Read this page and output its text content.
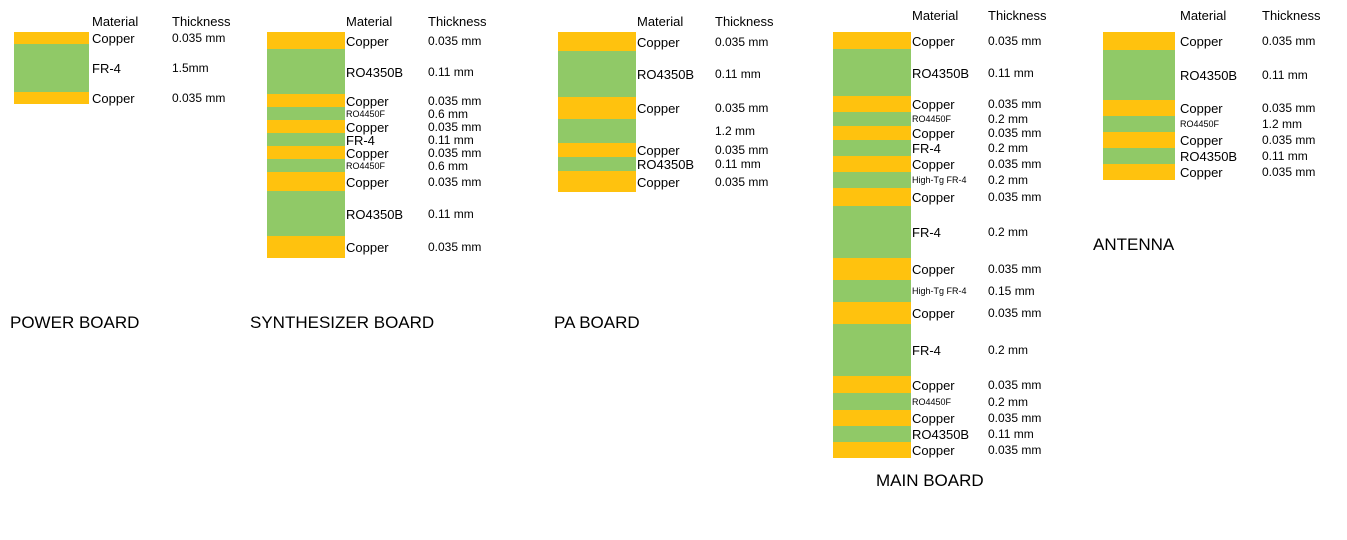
Material	Thickness
Copper	0.035 mm
FR-4	1.5mm
Copper	0.035 mm
POWER BOARD
Material	Thickness
Copper	0.035 mm
RO4350B 0.11 mm
Copper	0.035 mm
RO4450F	0.6 mm
Copper	0.035 mm
FR-4	0.11 mm
Copper	0.035 mm
RO4450F	0.6 mm
Copper	0.035 mm
RO4350B 0.11 mm
Copper	0.035 mm
SYNTHESIZER BOARD
Material Thickness
Copper	0.035 mm
RO4350B 0.11 mm
Copper	0.035 mm
1.2 mm
Copper	0.035 mm
RO4350B 0.11 mm
Copper	0.035 mm
PA BOARD
Material Thickness
Copper	0.035 mm
RO4350B 0.11 mm
Copper	0.035 mm
RO4450F	0.2 mm
Copper	0.035 mm
FR-4	0.2 mm
Copper	0.035 mm
High-Tg FR-4 0.2 mm
Copper	0.035 mm
FR-4	0.2 mm
Copper	0.035 mm
High-Tg FR-4 0.15 mm
Copper	0.035 mm
FR-4	0.2 mm
Copper	0.035 mm
RO4450F	0.2 mm
Copper	0.035 mm
RO4350B 0.11 mm
Copper	0.035 mm
MAIN BOARD
Material	Thickness
Copper	0.035 mm
RO4350B 0.11 mm
Copper	0.035 mm
RO4450F	1.2 mm
Copper	0.035 mm
RO4350B 0.11 mm
Copper	0.035 mm
ANTENNA
